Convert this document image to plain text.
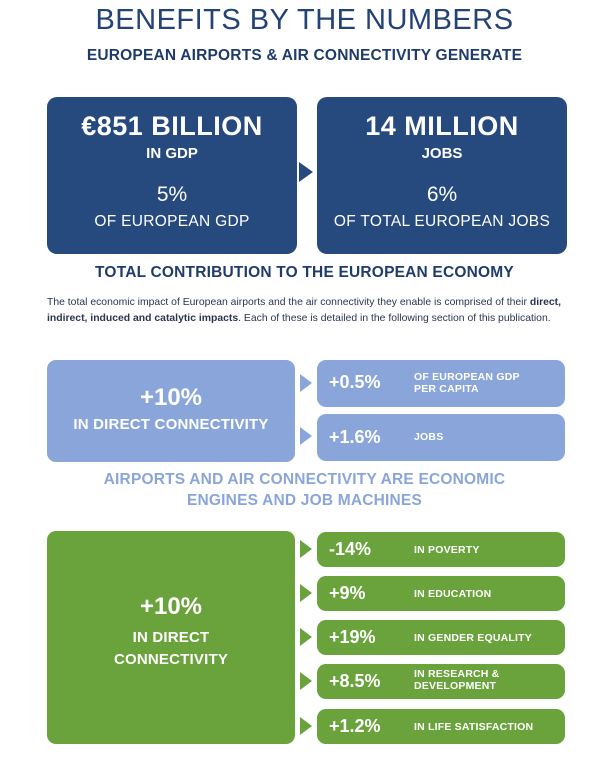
BENEFITS BY THE NUMBERS
EUROPEAN AIRPORTS & AIR CONNECTIVITY GENERATE
€851 BILLION
IN GDP
5%
OF EUROPEAN GDP
14 MILLION
JOBS
6%
OF TOTAL EUROPEAN JOBS
TOTAL CONTRIBUTION TO THE EUROPEAN ECONOMY

The total economic impact of European airports and the air connectivity they enable is comprised of their direct, indirect, induced and catalytic impacts. Each of these is detailed in the following section of this publication.

+10%
IN DIRECT CONNECTIVITY
+0.5%	OF EUROPEAN GDP
PER CAPITA
+1.6%	JOBS
AIRPORTS AND AIR CONNECTIVITY ARE ECONOMIC
ENGINES AND JOB MACHINES
+10%
IN DIRECT
CONNECTIVITY
-14%	IN POVERTY
+9%	IN EDUCATION
+19%	IN GENDER EQUALITY
+8.5%	IN RESEARCH &
DEVELOPMENT
+1.2%	IN LIFE SATISFACTION
